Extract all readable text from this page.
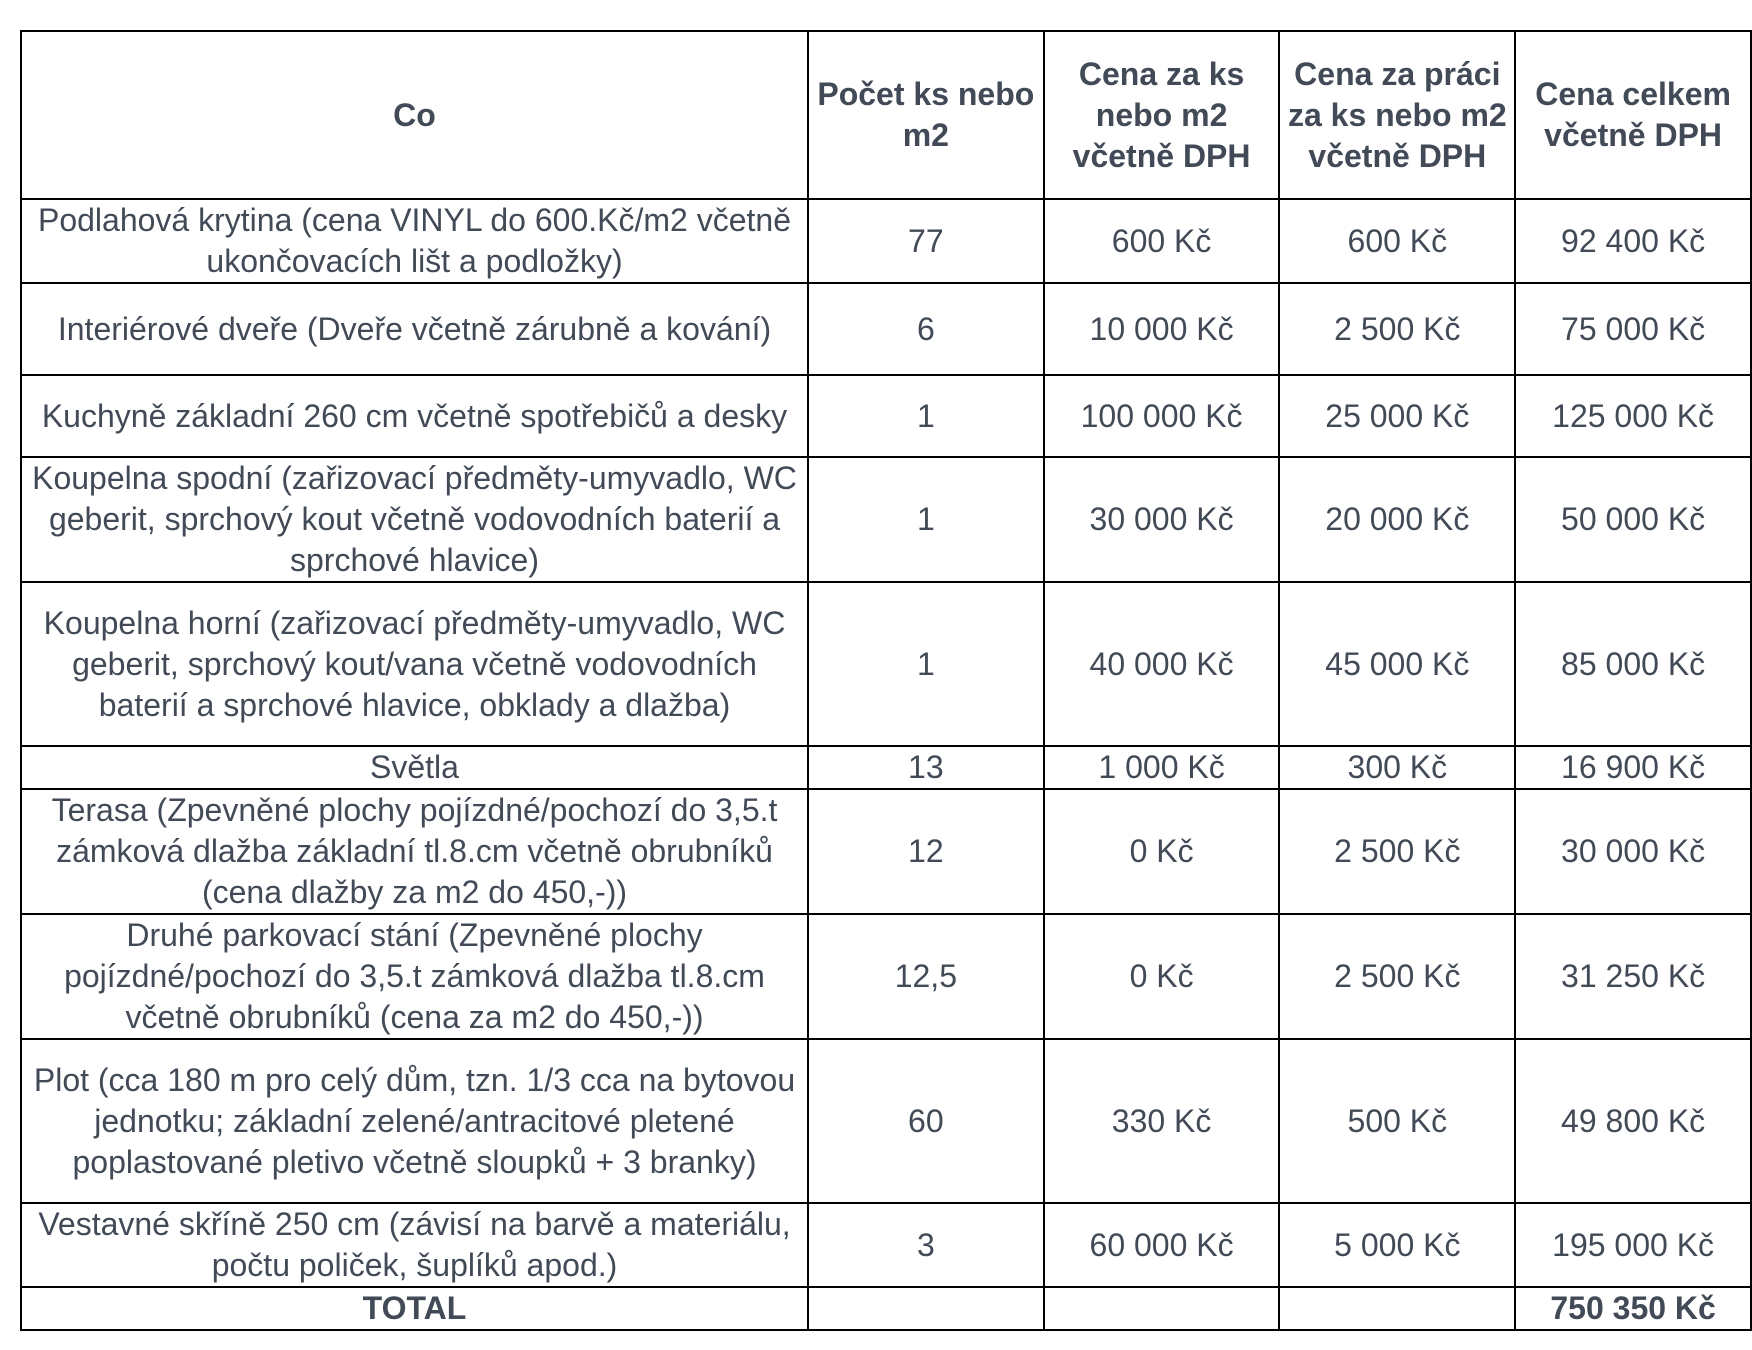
Co	Počet ks nebo m2	Cena za ks nebo m2 včetně DPH	Cena za práci za ks nebo m2 včetně DPH	Cena celkem včetně DPH
Podlahová krytina (cena VINYL do 600.Kč/m2 včetně ukončovacích lišt a podložky)	77	600 Kč	600 Kč	92 400 Kč
Interiérové dveře (Dveře včetně zárubně a kování)	6	10 000 Kč	2 500 Kč	75 000 Kč
Kuchyně základní 260 cm včetně spotřebičů a desky	1	100 000 Kč	25 000 Kč	125 000 Kč
Koupelna spodní (zařizovací předměty-umyvadlo, WC geberit, sprchový kout včetně vodovodních baterií a sprchové hlavice)	1	30 000 Kč	20 000 Kč	50 000 Kč
Koupelna horní (zařizovací předměty-umyvadlo, WC geberit, sprchový kout/vana včetně vodovodních baterií a sprchové hlavice, obklady a dlažba)	1	40 000 Kč	45 000 Kč	85 000 Kč
Světla	13	1 000 Kč	300 Kč	16 900 Kč
Terasa (Zpevněné plochy pojízdné/pochozí do 3,5.t zámková dlažba základní tl.8.cm včetně obrubníků (cena dlažby za m2 do 450,-))	12	0 Kč	2 500 Kč	30 000 Kč
Druhé parkovací stání (Zpevněné plochy pojízdné/pochozí do 3,5.t zámková dlažba tl.8.cm včetně obrubníků (cena za m2 do 450,-))	12,5	0 Kč	2 500 Kč	31 250 Kč
Plot (cca 180 m pro celý dům, tzn. 1/3 cca na bytovou jednotku; základní zelené/antracitové pletené poplastované pletivo včetně sloupků + 3 branky)	60	330 Kč	500 Kč	49 800 Kč
Vestavné skříně 250 cm (závisí na barvě a materiálu, počtu poliček, šuplíků apod.)	3	60 000 Kč	5 000 Kč	195 000 Kč
TOTAL				750 350 Kč
